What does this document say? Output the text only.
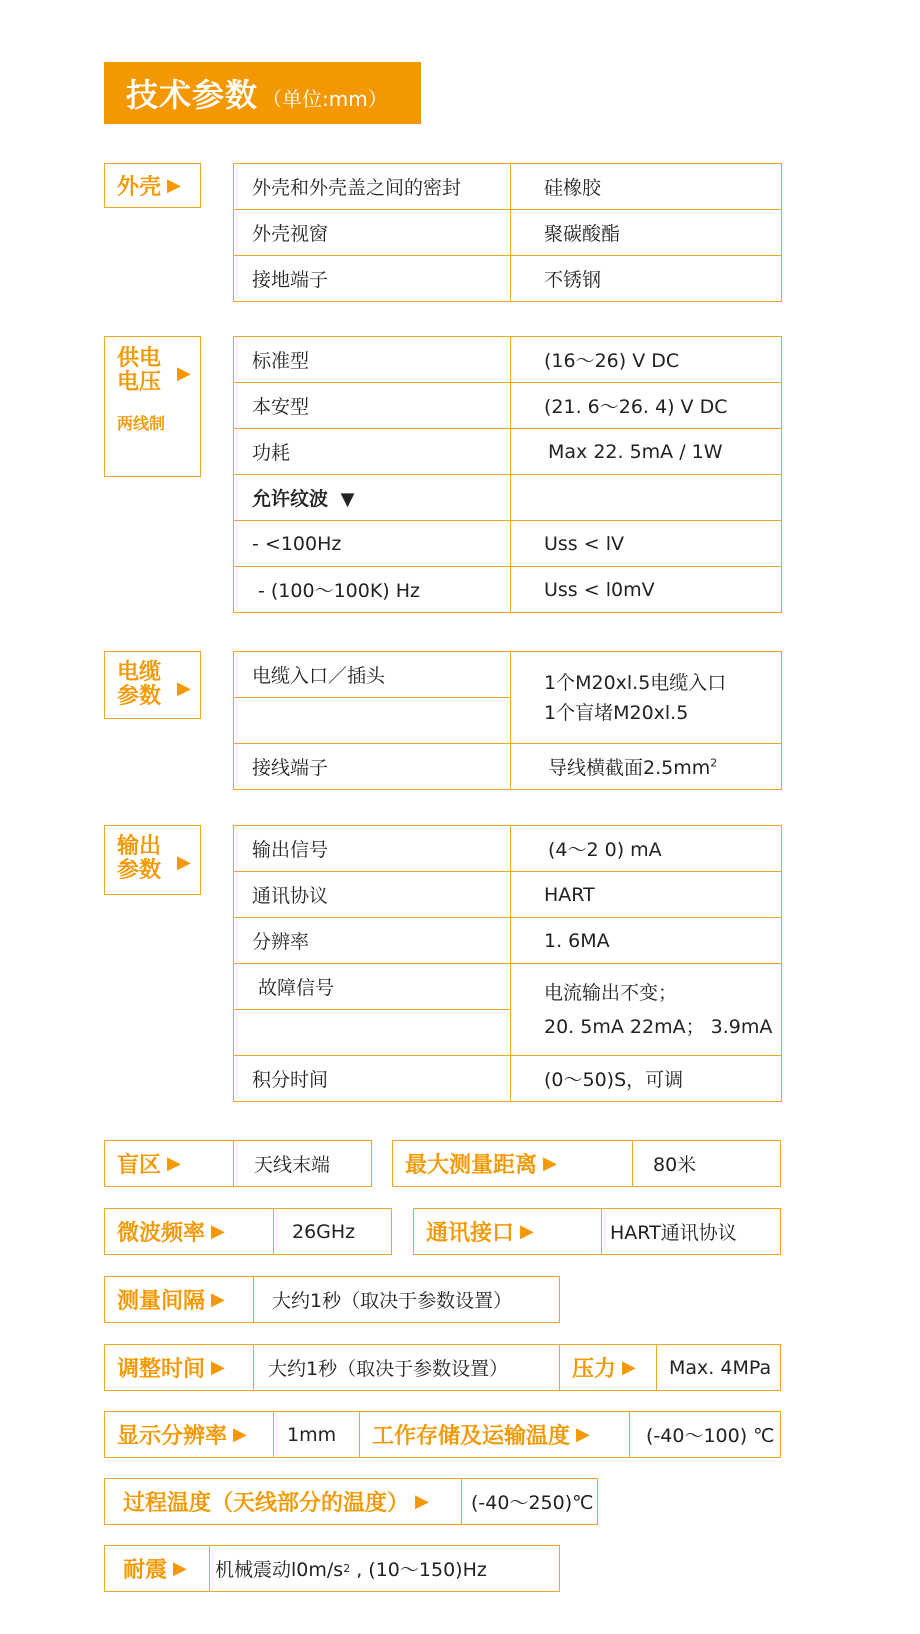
技术参数 （单位:mm）
外壳 ▶	外壳和外壳盖之间的密封	硅橡胶
外壳视窗	聚碳酸酯
接地端子	不锈钢
供电
电压 ▶
两线制
标准型	(16～26) V DC
本安型	(21. 6～26. 4) V DC
功耗	Max 22. 5mA / 1W
允许纹波 ▼	
- <100Hz	Uss < lV
- (100～100K) Hz	Uss < l0mV
电缆
参数 ▶
电缆入口／插头	1个M20xl.5电缆入口
1个盲堵M20xl.5

接线端子	导线横截面$2.5mm^2$
输出
参数 ▶
输出信号	(4～2 0) mA
通讯协议	HART
分辨率	1. 6MA
故障信号	电流输出不变；
20. 5mA 22mA； 3.9mA

积分时间	(0～50)S，可调
盲区 ▶	天线末端	最大测量距离 ▶	80米
微波频率 ▶	26GHz	通讯接口 ▶	HART通讯协议
测量间隔 ▶	大约1秒（取决于参数设置）
调整时间 ▶	大约1秒（取决于参数设置）	压力 ▶	Max. 4MPa
显示分辨率 ▶	1mm	工作存储及运输温度 ▶	(-40～100) ℃
过程温度（天线部分的温度） ▶	(-40～250)℃
耐震 ▶ 机械震动l0m/s 2 , (10～150)Hz
